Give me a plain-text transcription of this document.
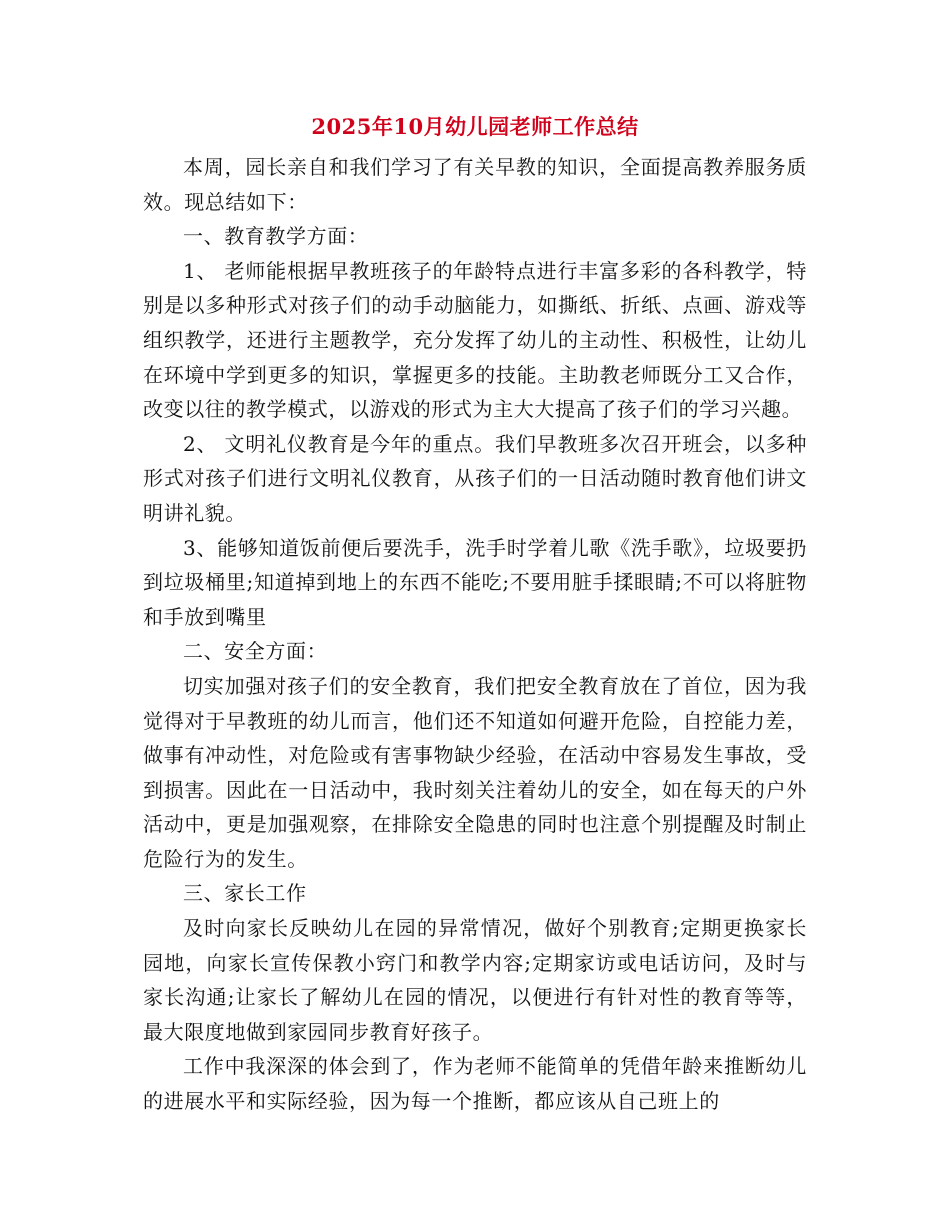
2025年10月幼儿园老师工作总结

本周，园长亲自和我们学习了有关早教的知识，全面提高教养服务质效。现总结如下：

一、教育教学方面：

1、 老师能根据早教班孩子的年龄特点进行丰富多彩的各科教学，特别是以多种形式对孩子们的动手动脑能力，如撕纸、折纸、点画、游戏等组织教学，还进行主题教学，充分发挥了幼儿的主动性、积极性，让幼儿在环境中学到更多的知识，掌握更多的技能。主助教老师既分工又合作，改变以往的教学模式，以游戏的形式为主大大提高了孩子们的学习兴趣。

2、 文明礼仪教育是今年的重点。我们早教班多次召开班会，以多种形式对孩子们进行文明礼仪教育，从孩子们的一日活动随时教育他们讲文明讲礼貌。

3、能够知道饭前便后要洗手，洗手时学着儿歌《洗手歌》，垃圾要扔到垃圾桶里;知道掉到地上的东西不能吃;不要用脏手揉眼睛;不可以将脏物和手放到嘴里

二、安全方面：

切实加强对孩子们的安全教育，我们把安全教育放在了首位，因为我觉得对于早教班的幼儿而言，他们还不知道如何避开危险，自控能力差，做事有冲动性，对危险或有害事物缺少经验，在活动中容易发生事故，受到损害。因此在一日活动中，我时刻关注着幼儿的安全，如在每天的户外活动中，更是加强观察，在排除安全隐患的同时也注意个别提醒及时制止危险行为的发生。

三、家长工作

及时向家长反映幼儿在园的异常情况，做好个别教育;定期更换家长园地，向家长宣传保教小窍门和教学内容;定期家访或电话访问，及时与家长沟通;让家长了解幼儿在园的情况，以便进行有针对性的教育等等，最大限度地做到家园同步教育好孩子。

工作中我深深的体会到了，作为老师不能简单的凭借年龄来推断幼儿的进展水平和实际经验，因为每一个推断，都应该从自己班上的
